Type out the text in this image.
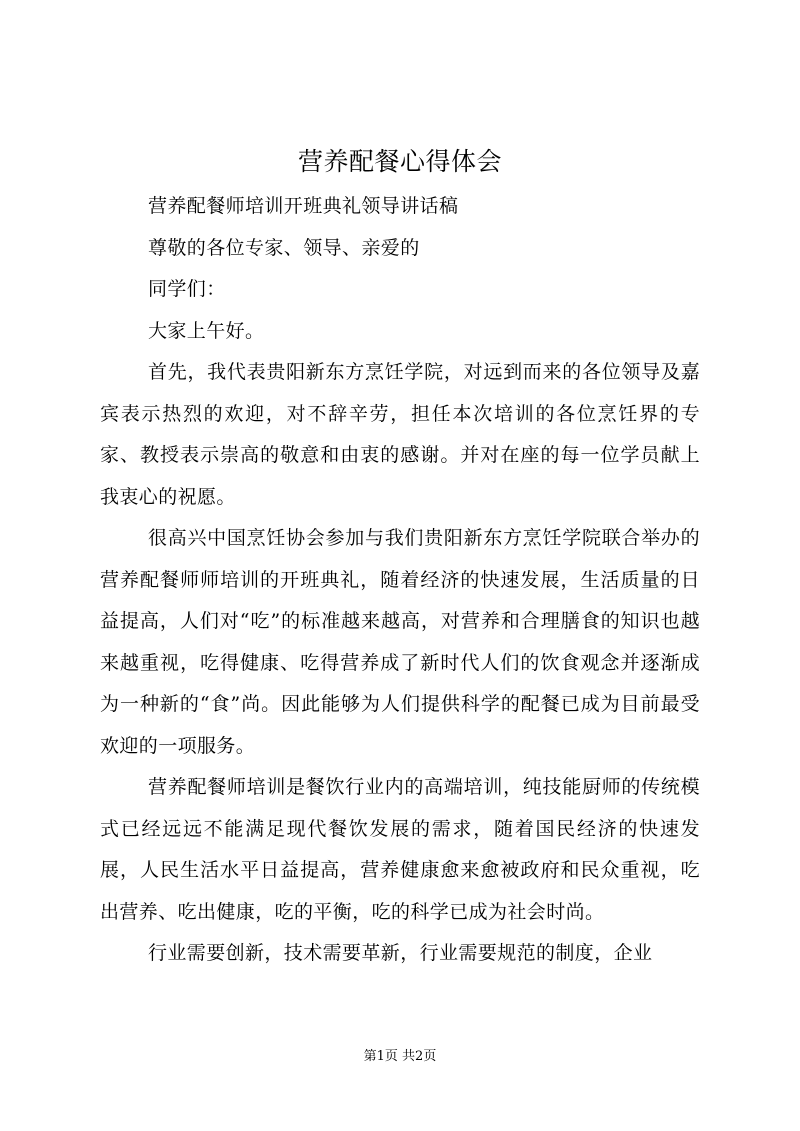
营养配餐心得体会

营养配餐师培训开班典礼领导讲话稿

尊敬的各位专家、领导、亲爱的

同学们：

大家上午好。

首先，我代表贵阳新东方烹饪学院，对远到而来的各位领导及嘉宾表示热烈的欢迎，对不辞辛劳，担任本次培训的各位烹饪界的专家、教授表示崇高的敬意和由衷的感谢。并对在座的每一位学员献上我衷心的祝愿。

很高兴中国烹饪协会参加与我们贵阳新东方烹饪学院联合举办的营养配餐师师培训的开班典礼，随着经济的快速发展，生活质量的日益提高，人们对“吃”的标准越来越高，对营养和合理膳食的知识也越来越重视，吃得健康、吃得营养成了新时代人们的饮食观念并逐渐成为一种新的“食”尚。因此能够为人们提供科学的配餐已成为目前最受欢迎的一项服务。

营养配餐师培训是餐饮行业内的高端培训，纯技能厨师的传统模式已经远远不能满足现代餐饮发展的需求，随着国民经济的快速发展，人民生活水平日益提高，营养健康愈来愈被政府和民众重视，吃出营养、吃出健康，吃的平衡，吃的科学已成为社会时尚。

行业需要创新，技术需要革新，行业需要规范的制度，企业

第1页 共2页
